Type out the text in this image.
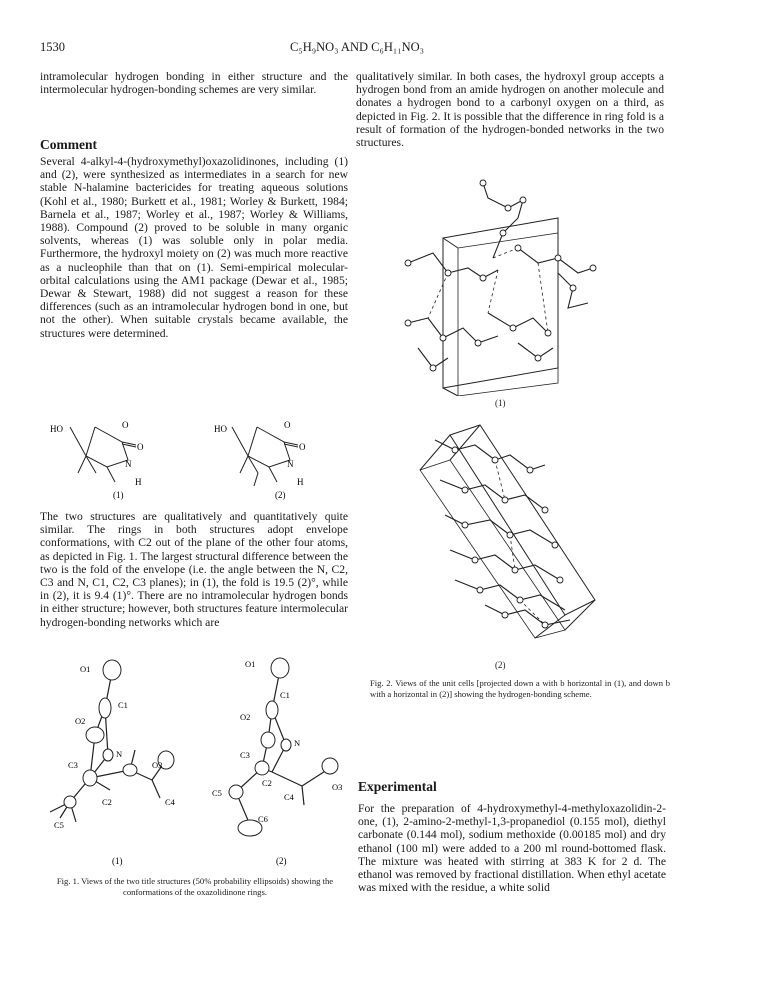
1530	C₅H₉NO₃ AND C₆H₁₁NO₃

intramolecular hydrogen bonding in either structure and the intermolecular hydrogen-bonding schemes are very similar.

Comment

Several 4-alkyl-4-(hydroxymethyl)oxazolidinones, including (1) and (2), were synthesized as intermediates in a search for new stable N-halamine bactericides for treating aqueous solutions (Kohl et al., 1980; Burkett et al., 1981; Worley & Burkett, 1984; Barnela et al., 1987; Worley et al., 1987; Worley & Williams, 1988). Compound (2) proved to be soluble in many organic solvents, whereas (1) was soluble only in polar media. Furthermore, the hydroxyl moiety on (2) was much more reactive as a nucleophile than that on (1). Semi-empirical molecular-orbital calculations using the AM1 package (Dewar et al., 1985; Dewar & Stewart, 1988) did not suggest a reason for these differences (such as an intramolecular hydrogen bond in one, but not the other). When suitable crystals became available, the structures were determined.

HO	O
O
N
H
(1)
HO	O
O
N
H
(2)

The two structures are qualitatively and quantitatively quite similar. The rings in both structures adopt envelope conformations, with C2 out of the plane of the other four atoms, as depicted in Fig. 1. The largest structural difference between the two is the fold of the envelope (i.e. the angle between the N, C2, C3 and N, C1, C2, C3 planes); in (1), the fold is 19.5 (2)°, while in (2), it is 9.4 (1)°. There are no intramolecular hydrogen bonds in either structure; however, both structures feature intermolecular hydrogen-bonding networks which are

O1
C1
O2
N
C3	O3
C2	C4
C5
O1
C1
O2
N
C3
C2
C5
O3
C4
C6
(1)	(2)
Fig. 1. Views of the two title structures (50% probability ellipsoids) showing the conformations of the oxazolidinone rings.

qualitatively similar. In both cases, the hydroxyl group accepts a hydrogen bond from an amide hydrogen on another molecule and donates a hydrogen bond to a carbonyl oxygen on a third, as depicted in Fig. 2. It is possible that the difference in ring fold is a result of formation of the hydrogen-bonded networks in the two structures.

(1)
(2)
Fig. 2. Views of the unit cells [projected down a with b horizontal in (1), and down b with a horizontal in (2)] showing the hydrogen-bonding scheme.
Experimental

For the preparation of 4-hydroxymethyl-4-methyloxazolidin-2-one, (1), 2-amino-2-methyl-1,3-propanediol (0.155 mol), diethyl carbonate (0.144 mol), sodium methoxide (0.00185 mol) and dry ethanol (100 ml) were added to a 200 ml round-bottomed flask. The mixture was heated with stirring at 383 K for 2 d. The ethanol was removed by fractional distillation. When ethyl acetate was mixed with the residue, a white solid
